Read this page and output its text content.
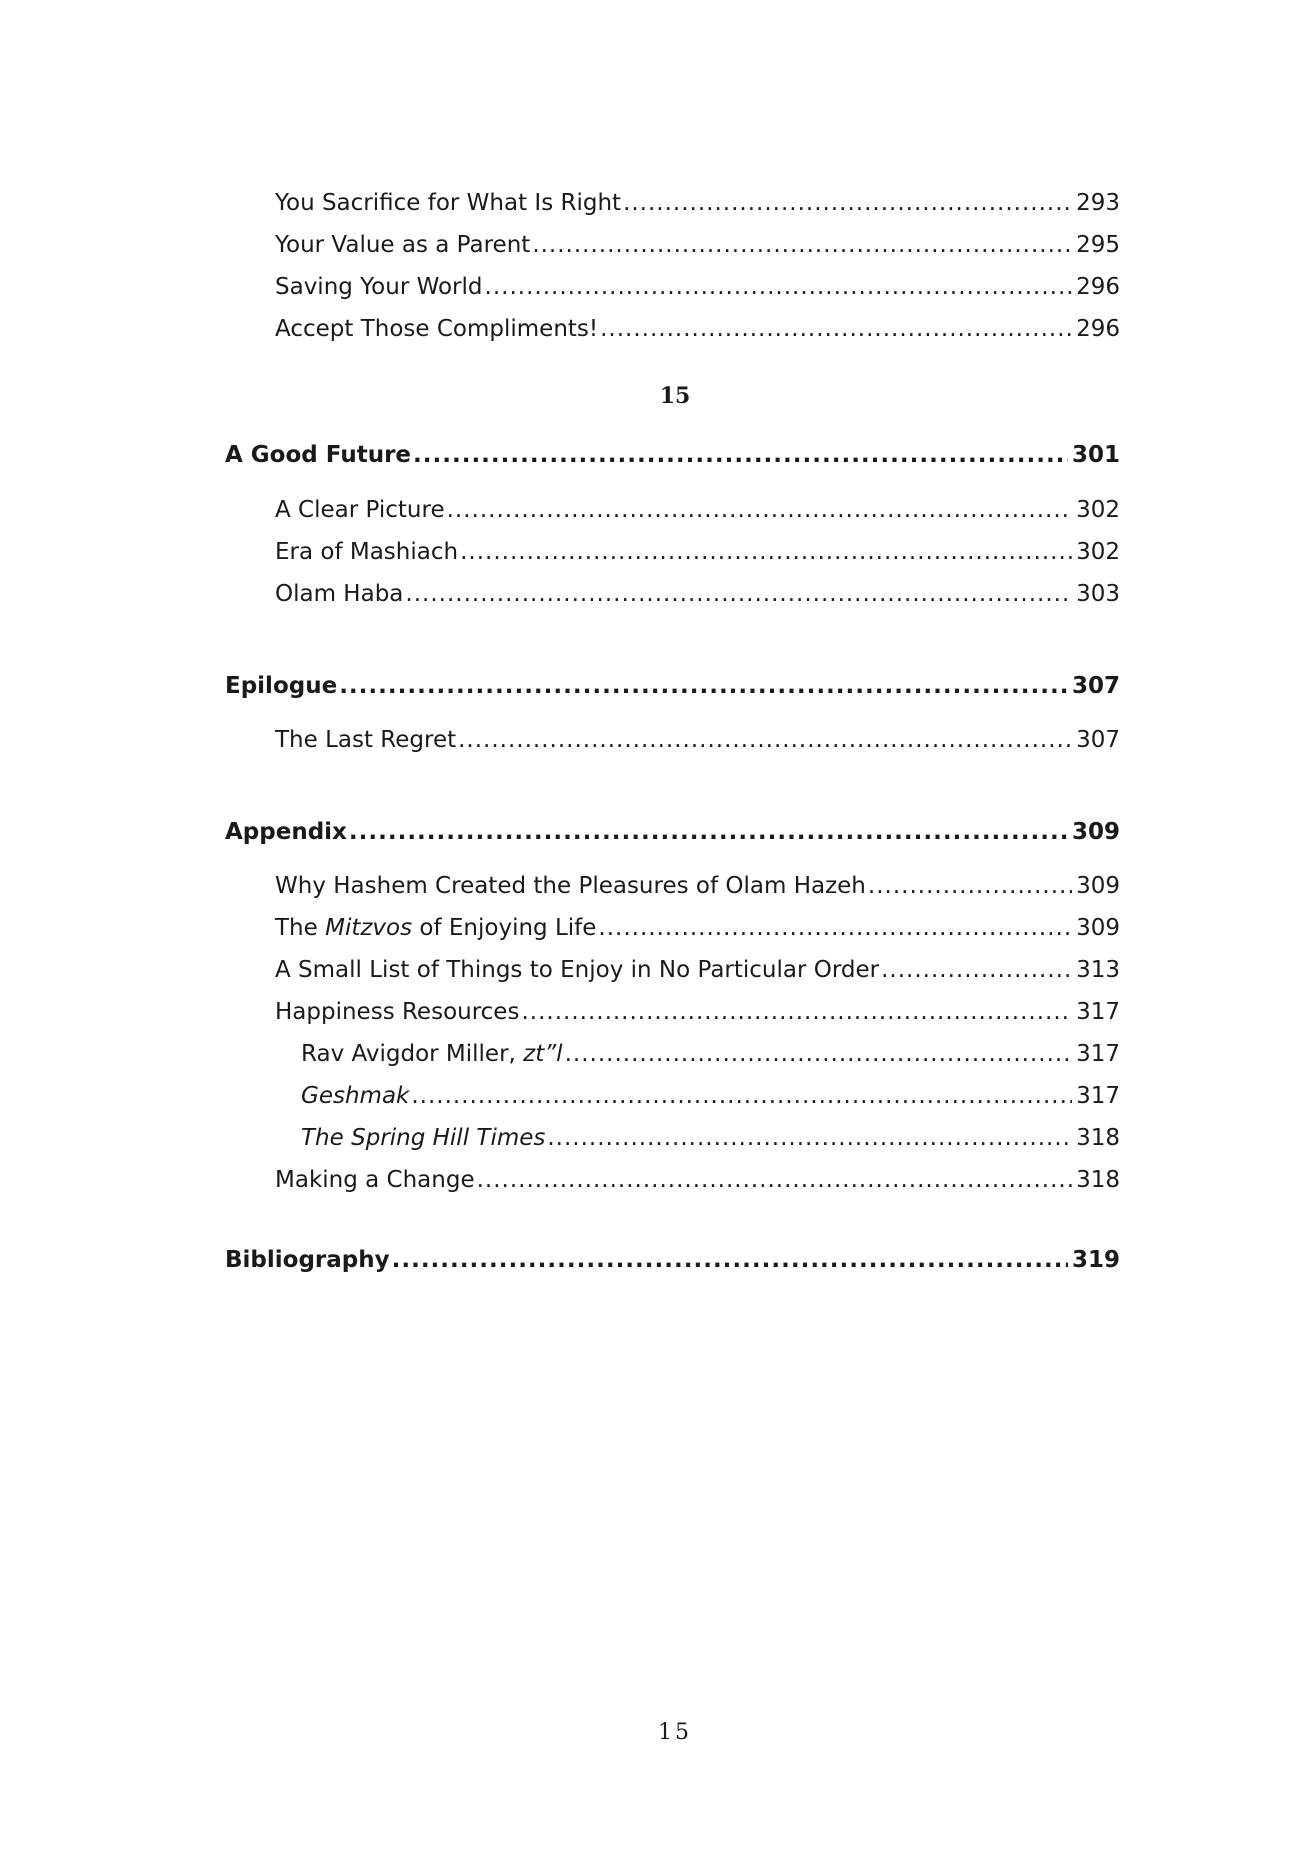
You Sacrifice for What Is Right .....	293
Your Value as a Parent .....	295
Saving Your World .....	296
Accept Those Compliments! .....	296
15
A Good Future .....	301
A Clear Picture .....	302
Era of Mashiach .....	302
Olam Haba .....	303
Epilogue .....	307
The Last Regret .....	307
Appendix .....	309
Why Hashem Created the Pleasures of Olam Hazeh .....	309
The Mitzvos of Enjoying Life .....	309
A Small List of Things to Enjoy in No Particular Order .....	313
Happiness Resources .....	317
Rav Avigdor Miller, zt”l .....	317
Geshmak .....	317
The Spring Hill Times .....	318
Making a Change .....	318
Bibliography .....	319
15
